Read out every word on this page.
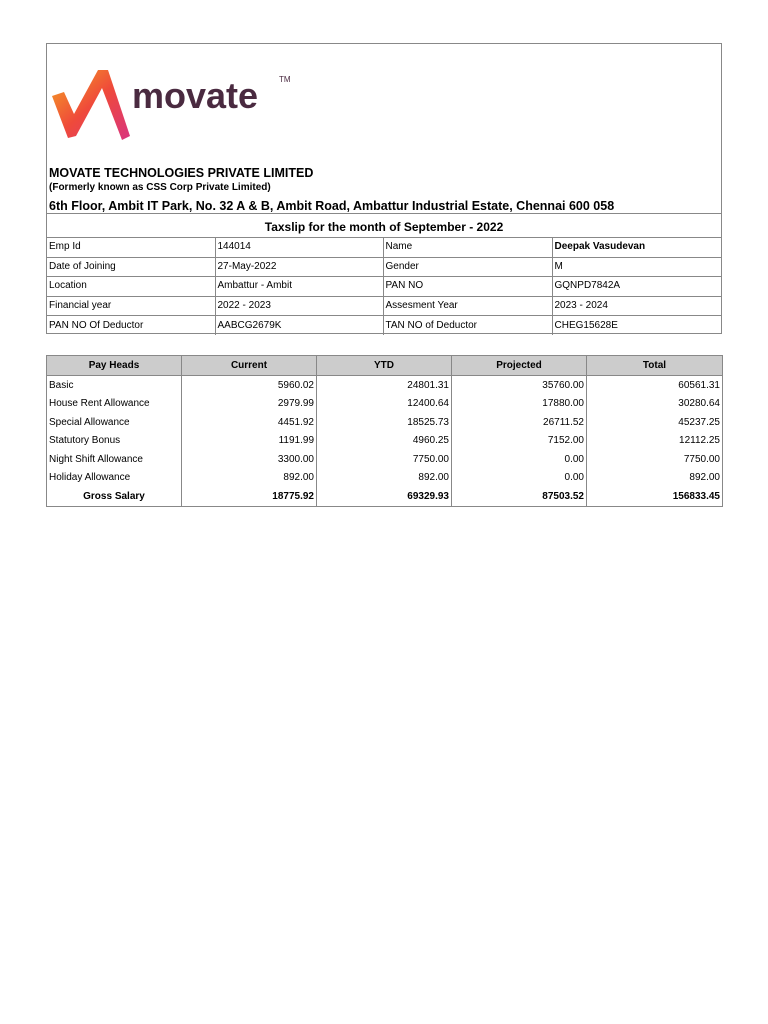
movate	TM
MOVATE TECHNOLOGIES PRIVATE LIMITED
(Formerly known as CSS Corp Private Limited)
6th Floor, Ambit IT Park, No. 32 A & B, Ambit Road, Ambattur Industrial Estate, Chennai 600 058
Taxslip for the month of September - 2022
Emp Id	144014	Name	Deepak Vasudevan
Date of Joining	27-May-2022	Gender	M
Location	Ambattur - Ambit	PAN NO	GQNPD7842A
Financial year	2022 - 2023	Assesment Year	2023 - 2024
PAN NO Of Deductor	AABCG2679K	TAN NO of Deductor	CHEG15628E
Pay Heads	Current	YTD	Projected	Total
Basic	5960.02	24801.31	35760.00	60561.31
House Rent Allowance	2979.99	12400.64	17880.00	30280.64
Special Allowance	4451.92	18525.73	26711.52	45237.25
Statutory Bonus	1191.99	4960.25	7152.00	12112.25
Night Shift Allowance	3300.00	7750.00	0.00	7750.00
Holiday Allowance	892.00	892.00	0.00	892.00
Gross Salary	18775.92	69329.93	87503.52	156833.45
